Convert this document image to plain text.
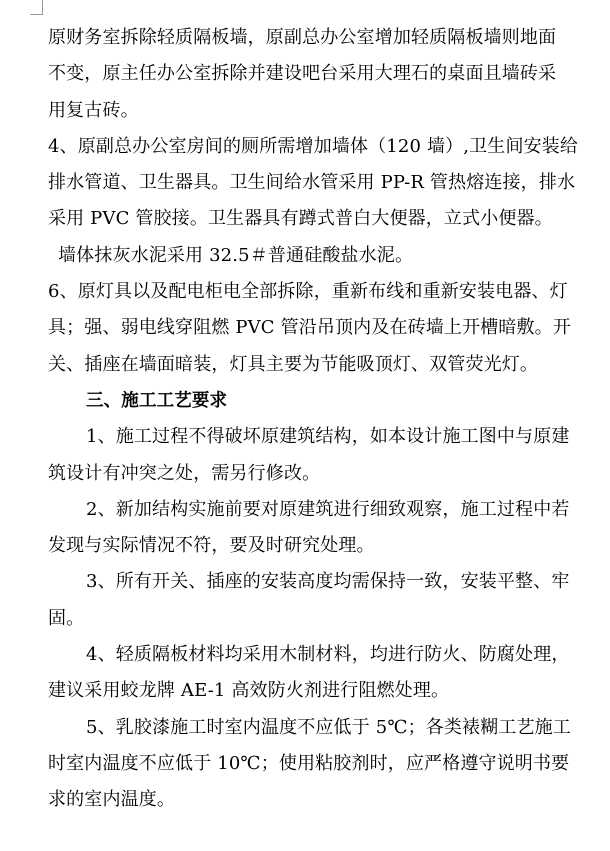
原财务室拆除轻质隔板墙，原副总办公室增加轻质隔板墙则地面
不变，原主任办公室拆除并建设吧台采用大理石的桌面且墙砖采
用复古砖。
4、原副总办公室房间的厕所需增加墙体（120 墙）,卫生间安装给
排水管道、卫生器具。卫生间给水管采用 PP-R 管热熔连接，排水
采用 PVC 管胶接。卫生器具有蹲式普白大便器，立式小便器。
墙体抹灰水泥采用 32.5＃普通硅酸盐水泥。
6、原灯具以及配电柜电全部拆除，重新布线和重新安装电器、灯
具；强、弱电线穿阻燃 PVC 管沿吊顶内及在砖墙上开槽暗敷。开
关、插座在墙面暗装，灯具主要为节能吸顶灯、双管荧光灯。
三、施工工艺要求
1、施工过程不得破坏原建筑结构，如本设计施工图中与原建
筑设计有冲突之处，需另行修改。
2、新加结构实施前要对原建筑进行细致观察，施工过程中若
发现与实际情况不符，要及时研究处理。
3、所有开关、插座的安装高度均需保持一致，安装平整、牢
固。
4、轻质隔板材料均采用木制材料，均进行防火、防腐处理，
建议采用蛟龙牌 AE-1 高效防火剂进行阻燃处理。
5、乳胶漆施工时室内温度不应低于 5℃；各类裱糊工艺施工
时室内温度不应低于 10℃；使用粘胶剂时，应严格遵守说明书要
求的室内温度。
